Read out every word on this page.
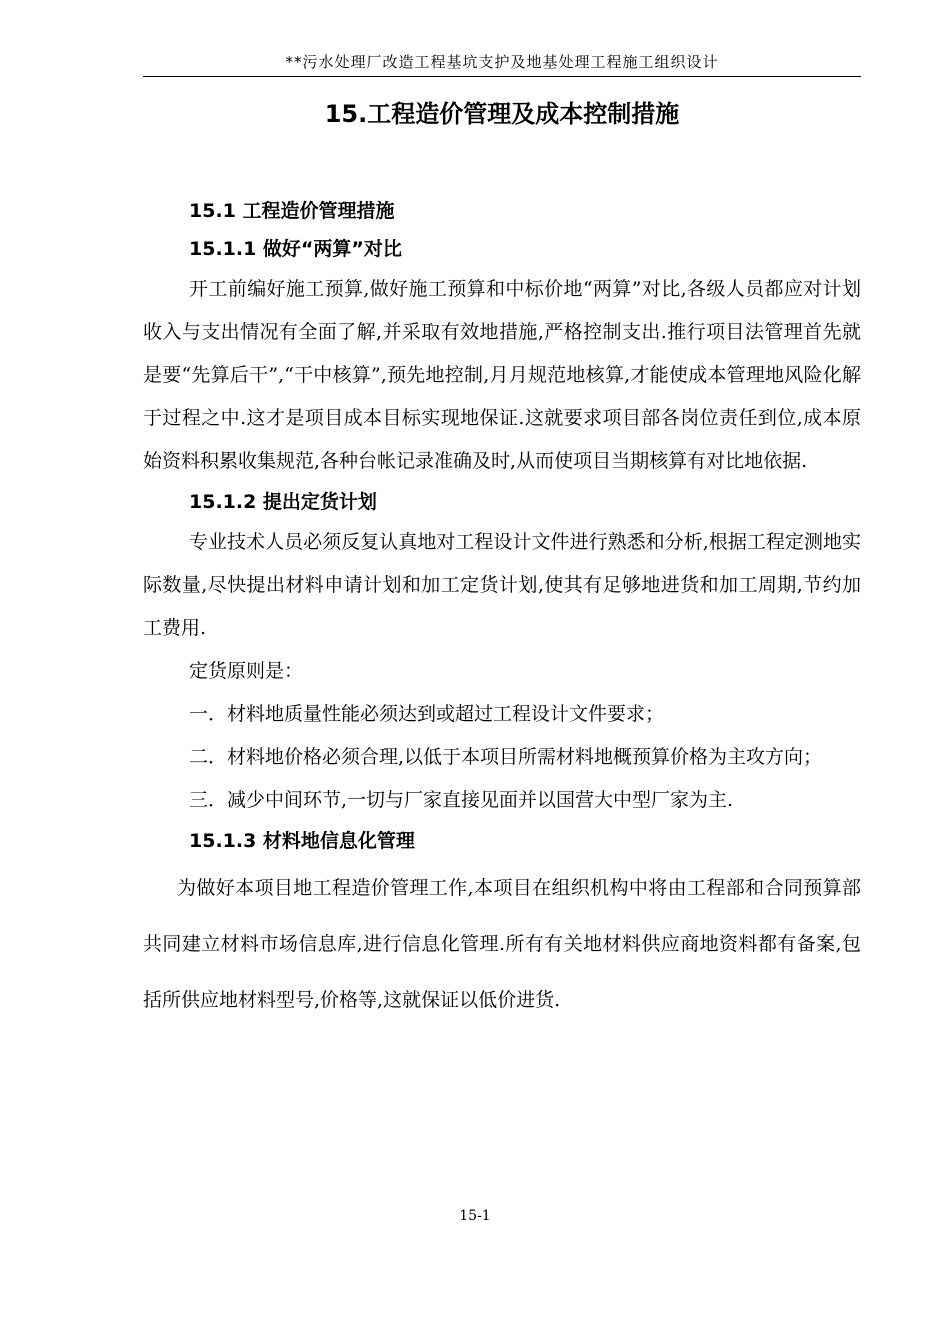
**污水处理厂改造工程基坑支护及地基处理工程施工组织设计
15.工程造价管理及成本控制措施

15.1 工程造价管理措施

15.1.1 做好“两算”对比

开工前编好施工预算,做好施工预算和中标价地“两算”对比,各级人员都应对计划收入与支出情况有全面了解,并采取有效地措施,严格控制支出.推行项目法管理首先就是要“先算后干”,“干中核算”,预先地控制,月月规范地核算,才能使成本管理地风险化解于过程之中.这才是项目成本目标实现地保证.这就要求项目部各岗位责任到位,成本原始资料积累收集规范,各种台帐记录准确及时,从而使项目当期核算有对比地依据.

15.1.2 提出定货计划

专业技术人员必须反复认真地对工程设计文件进行熟悉和分析,根据工程定测地实际数量,尽快提出材料申请计划和加工定货计划,使其有足够地进货和加工周期,节约加工费用.

定货原则是：

一．材料地质量性能必须达到或超过工程设计文件要求；

二．材料地价格必须合理,以低于本项目所需材料地概预算价格为主攻方向；

三．减少中间环节,一切与厂家直接见面并以国营大中型厂家为主.

15.1.3 材料地信息化管理

为做好本项目地工程造价管理工作,本项目在组织机构中将由工程部和合同预算部共同建立材料市场信息库,进行信息化管理.所有有关地材料供应商地资料都有备案,包括所供应地材料型号,价格等,这就保证以低价进货.

15-1
